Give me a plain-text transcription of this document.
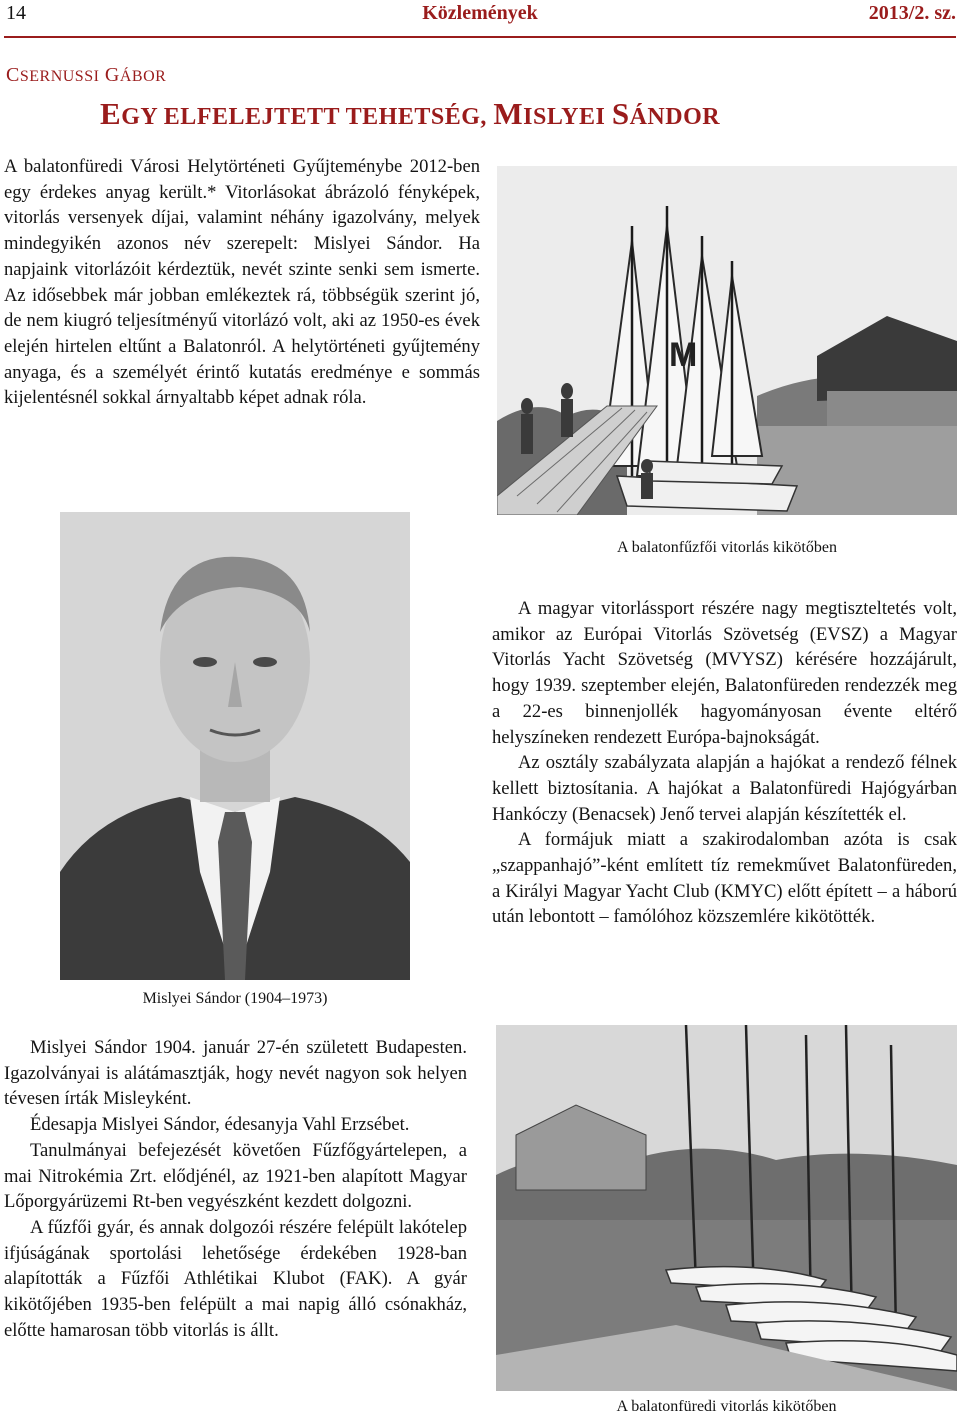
14	Közlemények	2013/2. sz.
CSERNUSSI GÁBOR
EGY ELFELEJTETT TEHETSÉG, MISLYEI SÁNDOR

A balatonfüredi Városi Helytörténeti Gyűjteménybe 2012-ben egy érdekes anyag került.* Vitorlásokat ábrázoló fényképek, vitorlás versenyek díjai, valamint néhány igazolvány, melyek mindegyikén azonos név szerepelt: Mislyei Sándor. Ha napjaink vitorlázóit kérdeztük, nevét szinte senki sem ismerte. Az idősebbek már jobban emlékeztek rá, többségük szerint jó, de nem kiugró teljesítményű vitorlázó volt, aki az 1950-es évek elején hirtelen eltűnt a Balatonról. A helytörténeti gyűjtemény anyaga, és a személyét érintő kutatás eredménye e sommás kijelentésnél sokkal árnyaltabb képet adnak róla.

M
A balatonfűzfői vitorlás kikötőben
Mislyei Sándor (1904–1973)

A magyar vitorlássport részére nagy megtiszteltetés volt, amikor az Európai Vitorlás Szövetség (EVSZ) a Magyar Vitorlás Yacht Szövetség (MVYSZ) kérésére hozzájárult, hogy 1939. szeptember elején, Balatonfüreden rendezzék meg a 22-es binnenjollék hagyományosan évente eltérő helyszíneken rendezett Európa-bajnokságát.

Az osztály szabályzata alapján a hajókat a rendező félnek kellett biztosítania. A hajókat a Balatonfüredi Hajógyárban Hankóczy (Benacsek) Jenő tervei alapján készítették el.

A formájuk miatt a szakirodalomban azóta is csak „szappanhajó”-ként említett tíz remekművet Balatonfüreden, a Királyi Magyar Yacht Club (KMYC) előtt épített – a háború után lebontott – famólóhoz közszemlére kikötötték.

Mislyei Sándor 1904. január 27-én született Budapesten. Igazolványai is alátámasztják, hogy nevét nagyon sok helyen tévesen írták Misleyként.

Édesapja Mislyei Sándor, édesanyja Vahl Erzsébet.

Tanulmányai befejezését követően Fűzfőgyártelepen, a mai Nitrokémia Zrt. elődjénél, az 1921-ben alapított Magyar Lőporgyárüzemi Rt-ben vegyészként kezdett dolgozni.

A fűzfői gyár, és annak dolgozói részére felépült lakótelep ifjúságának sportolási lehetősége érdekében 1928-ban alapították a Fűzfői Athlétikai Klubot (FAK). A gyár kikötőjében 1935-ben felépült a mai napig álló csónakház, előtte hamarosan több vitorlás is állt.

A balatonfüredi vitorlás kikötőben
